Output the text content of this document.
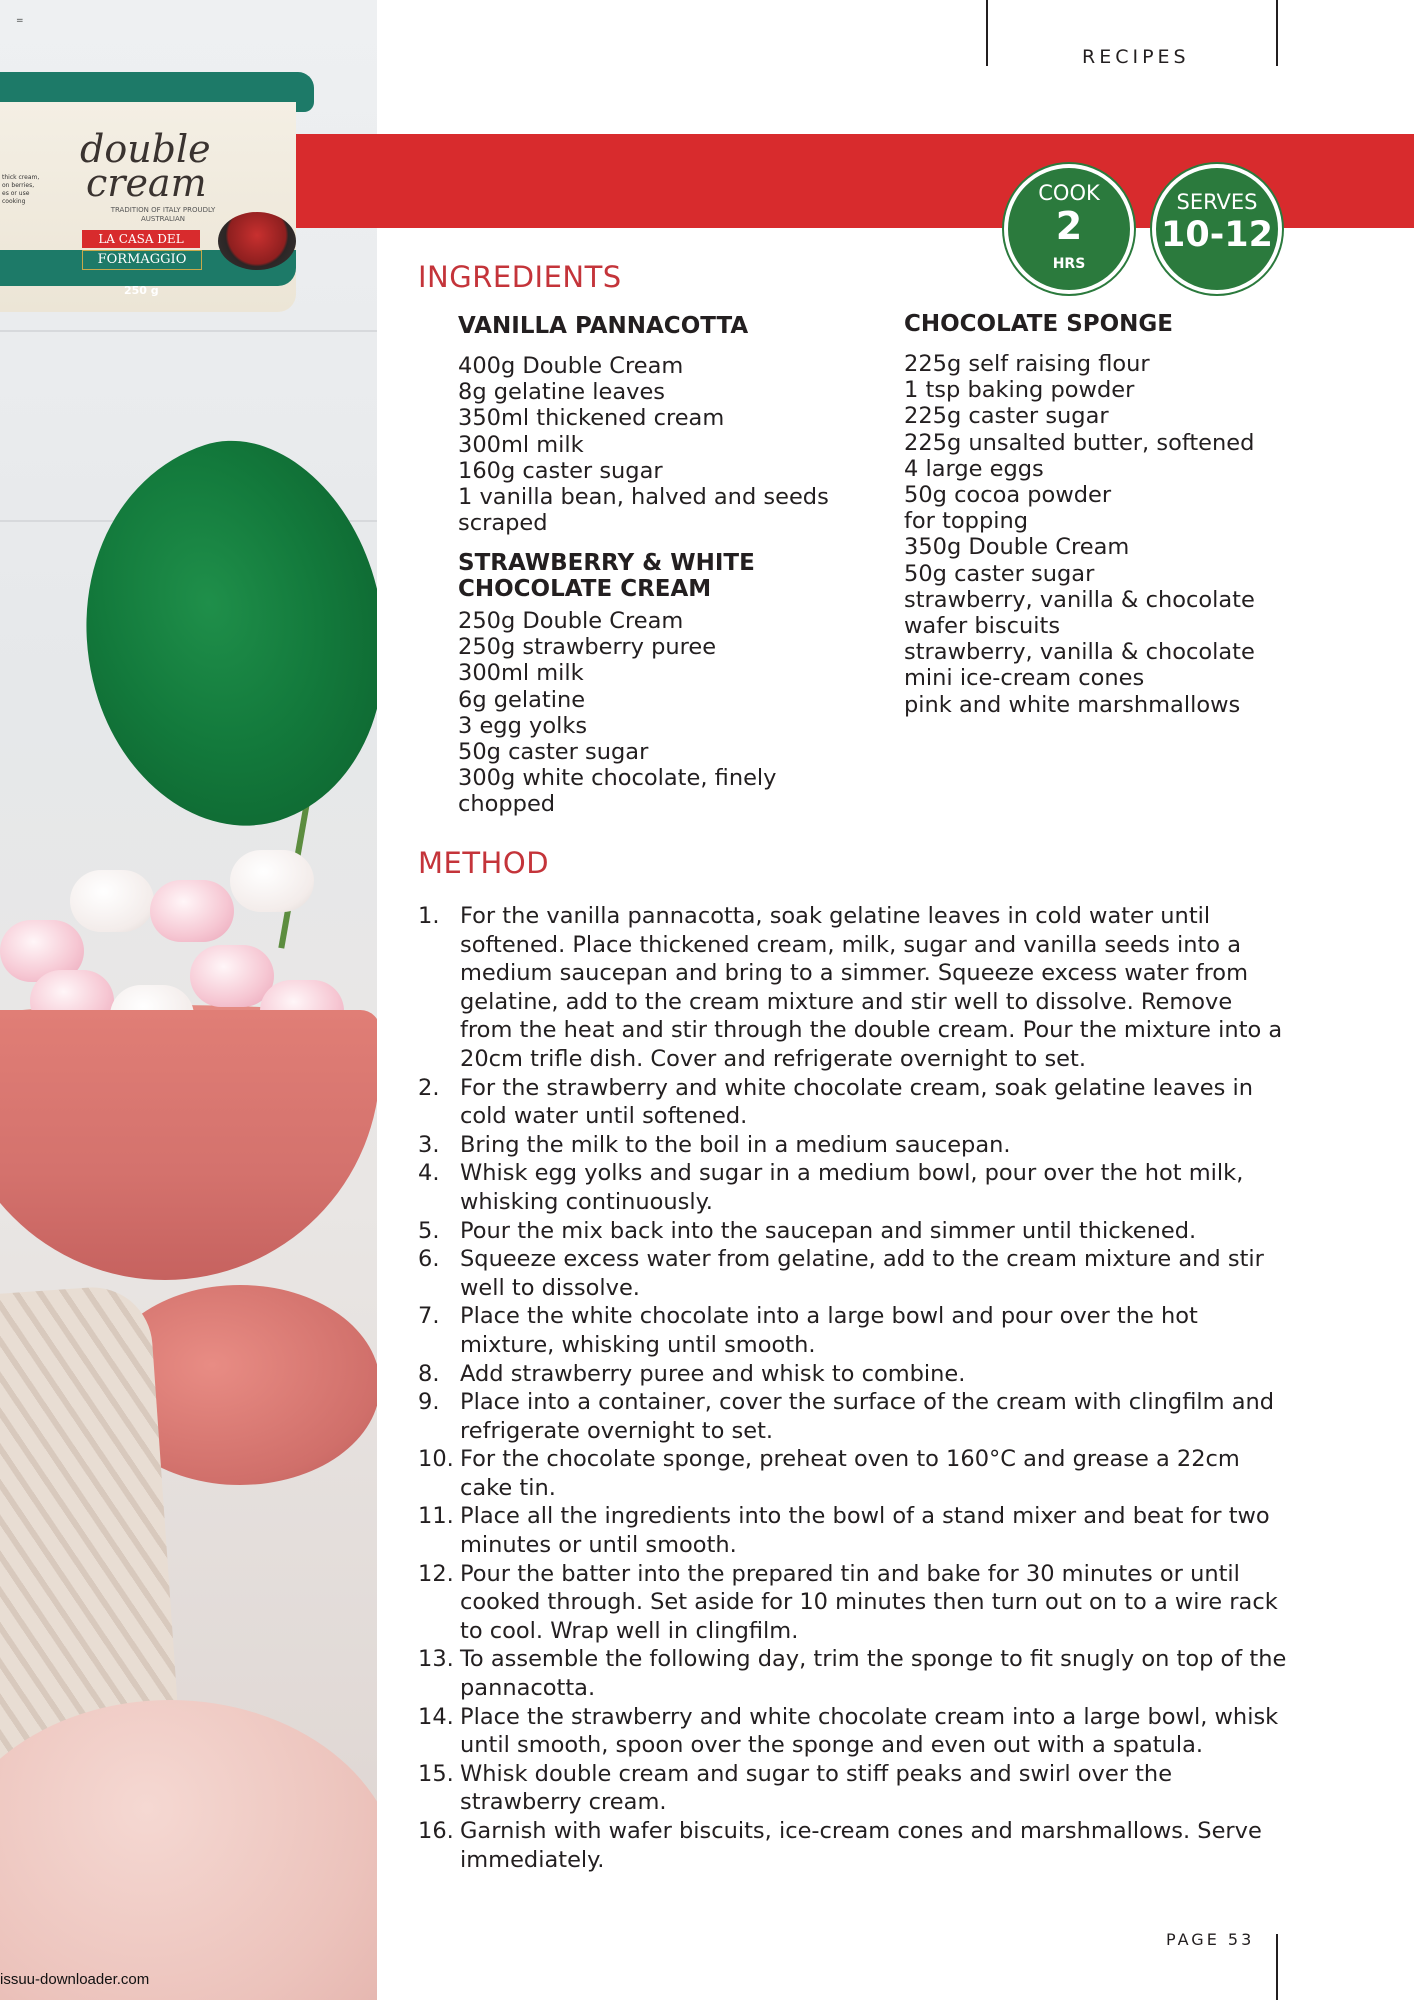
=
issuu-downloader.com
RECIPES
thick cream, on berries, es or use cooking
double
cream
TRADITION OF ITALY PROUDLY AUSTRALIAN
LA CASA DEL
FORMAGGIO
250 g
COOK
2
HRS
SERVES
10-12
INGREDIENTS
VANILLA PANNACOTTA
400g Double Cream
8g gelatine leaves
350ml thickened cream
300ml milk
160g caster sugar
1 vanilla bean, halved and seeds
scraped
STRAWBERRY & WHITE
CHOCOLATE CREAM
250g Double Cream
250g strawberry puree
300ml milk
6g gelatine
3 egg yolks
50g caster sugar
300g white chocolate, finely
chopped
CHOCOLATE SPONGE
225g self raising flour
1 tsp baking powder
225g caster sugar
225g unsalted butter, softened
4 large eggs
50g cocoa powder
for topping
350g Double Cream
50g caster sugar
strawberry, vanilla & chocolate
wafer biscuits
strawberry, vanilla & chocolate
mini ice-cream cones
pink and white marshmallows
METHOD
1. For the vanilla pannacotta, soak gelatine leaves in cold water until
softened. Place thickened cream, milk, sugar and vanilla seeds into a
medium saucepan and bring to a simmer. Squeeze excess water from
gelatine, add to the cream mixture and stir well to dissolve. Remove
from the heat and stir through the double cream. Pour the mixture into a
20cm trifle dish. Cover and refrigerate overnight to set.
2. For the strawberry and white chocolate cream, soak gelatine leaves in
cold water until softened.
3. Bring the milk to the boil in a medium saucepan.
4. Whisk egg yolks and sugar in a medium bowl, pour over the hot milk,
whisking continuously.
5. Pour the mix back into the saucepan and simmer until thickened.
6. Squeeze excess water from gelatine, add to the cream mixture and stir
well to dissolve.
7. Place the white chocolate into a large bowl and pour over the hot
mixture, whisking until smooth.
8. Add strawberry puree and whisk to combine.
9. Place into a container, cover the surface of the cream with clingfilm and
refrigerate overnight to set.
10. For the chocolate sponge, preheat oven to 160°C and grease a 22cm
cake tin.
11. Place all the ingredients into the bowl of a stand mixer and beat for two
minutes or until smooth.
12. Pour the batter into the prepared tin and bake for 30 minutes or until
cooked through. Set aside for 10 minutes then turn out on to a wire rack
to cool. Wrap well in clingfilm.
13. To assemble the following day, trim the sponge to fit snugly on top of the
pannacotta.
14. Place the strawberry and white chocolate cream into a large bowl, whisk
until smooth, spoon over the sponge and even out with a spatula.
15. Whisk double cream and sugar to stiff peaks and swirl over the
strawberry cream.
16. Garnish with wafer biscuits, ice-cream cones and marshmallows. Serve
immediately.
PAGE 53
